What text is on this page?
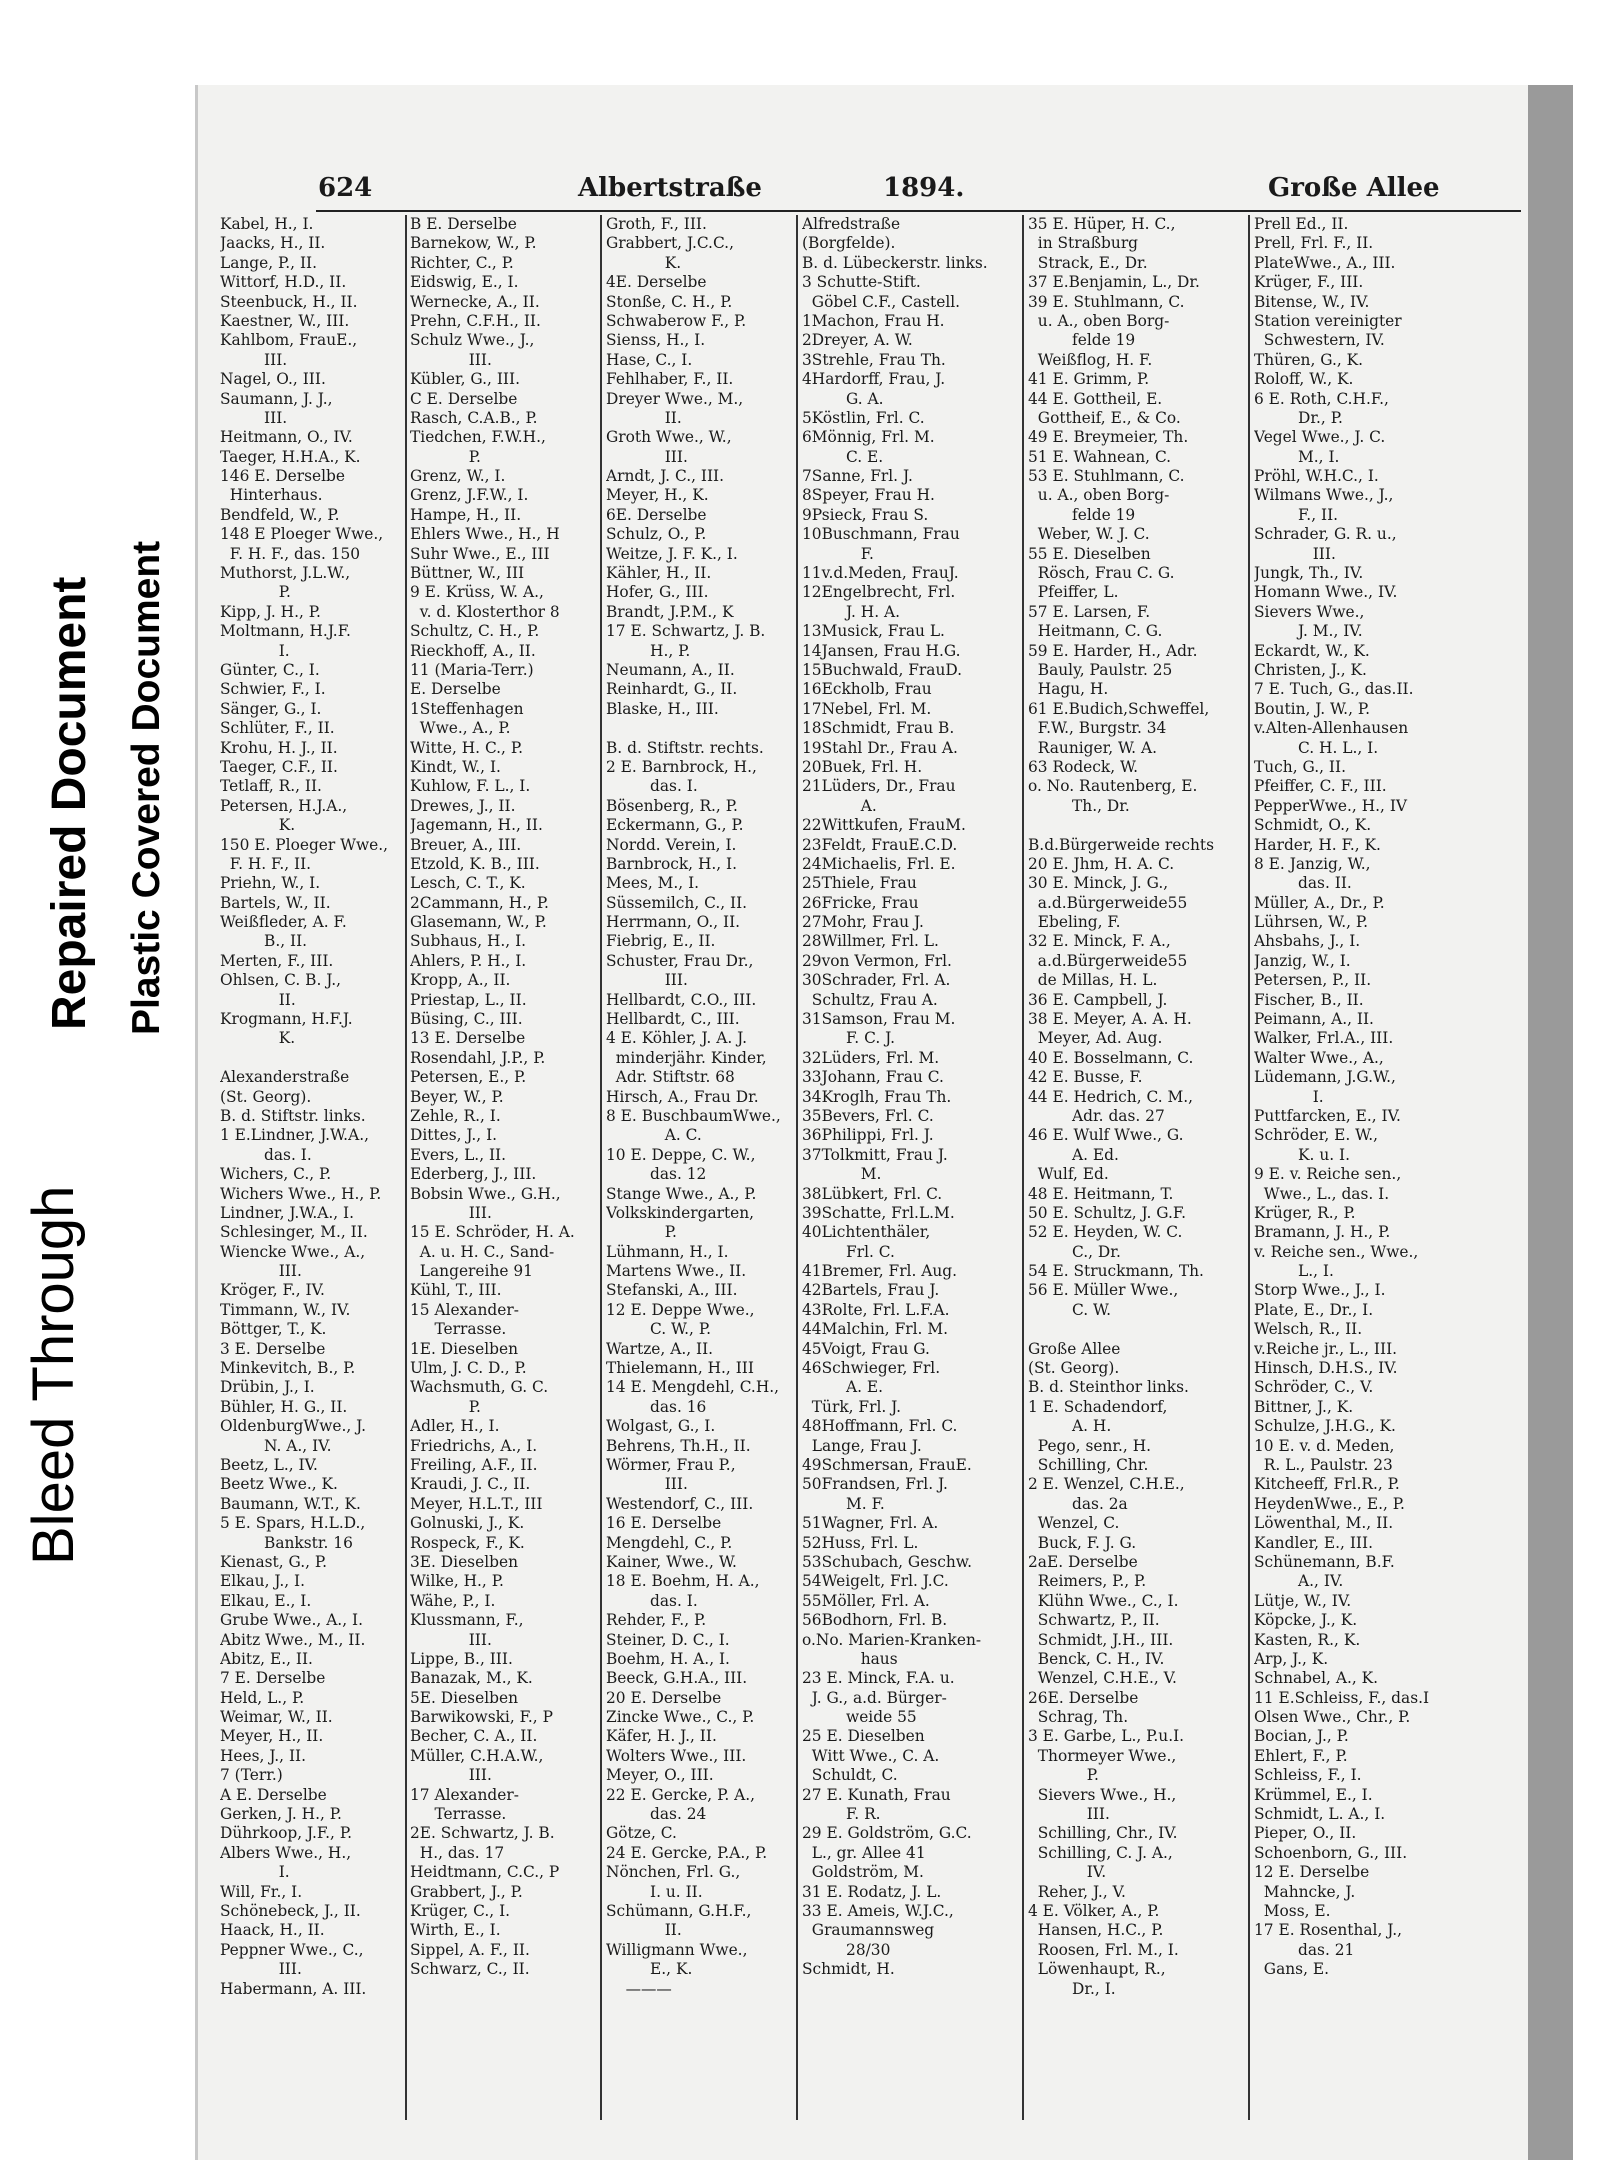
Bleed Through
Repaired Document Plastic Covered Document
624	Albertstraße	1894.	Große Allee
Kabel, H., I.
Jaacks, H., II.
Lange, P., II.
Wittorf, H.D., II.
Steenbuck, H., II.
Kaestner, W., III.
Kahlbom, FrauE.,
III.
Nagel, O., III.
Saumann, J. J.,
III.
Heitmann, O., IV.
Taeger, H.H.A., K.
146 E. Derselbe
Hinterhaus.
Bendfeld, W., P.
148 E Ploeger Wwe.,
F. H. F., das. 150
Muthorst, J.L.W.,
P.
Kipp, J. H., P.
Moltmann, H.J.F.
I.
Günter, C., I.
Schwier, F., I.
Sänger, G., I.
Schlüter, F., II.
Krohu, H. J., II.
Taeger, C.F., II.
Tetlaff, R., II.
Petersen, H.J.A.,
K.
150 E. Ploeger Wwe.,
F. H. F., II.
Priehn, W., I.
Bartels, W., II.
Weißfleder, A. F.
B., II.
Merten, F., III.
Ohlsen, C. B. J.,
II.
Krogmann, H.F.J.
K.
Alexanderstraße
(St. Georg).
B. d. Stiftstr. links.
1 E.Lindner, J.W.A.,
das. I.
Wichers, C., P.
Wichers Wwe., H., P.
Lindner, J.W.A., I.
Schlesinger, M., II.
Wiencke Wwe., A.,
III.
Kröger, F., IV.
Timmann, W., IV.
Böttger, T., K.
3 E. Derselbe
Minkevitch, B., P.
Drübin, J., I.
Bühler, H. G., II.
OldenburgWwe., J.
N. A., IV.
Beetz, L., IV.
Beetz Wwe., K.
Baumann, W.T., K.
5 E. Spars, H.L.D.,
Bankstr. 16
Kienast, G., P.
Elkau, J., I.
Elkau, E., I.
Grube Wwe., A., I.
Abitz Wwe., M., II.
Abitz, E., II.
7 E. Derselbe
Held, L., P.
Weimar, W., II.
Meyer, H., II.
Hees, J., II.
7 (Terr.)
A E. Derselbe
Gerken, J. H., P.
Dührkoop, J.F., P.
Albers Wwe., H.,
I.
Will, Fr., I.
Schönebeck, J., II.
Haack, H., II.
Peppner Wwe., C.,
III.
Habermann, A. III.
B E. Derselbe
Barnekow, W., P.
Richter, C., P.
Eidswig, E., I.
Wernecke, A., II.
Prehn, C.F.H., II.
Schulz Wwe., J.,
III.
Kübler, G., III.
C E. Derselbe
Rasch, C.A.B., P.
Tiedchen, F.W.H.,
P.
Grenz, W., I.
Grenz, J.F.W., I.
Hampe, H., II.
Ehlers Wwe., H., H
Suhr Wwe., E., III
Büttner, W., III
9 E. Krüss, W. A.,
v. d. Klosterthor 8
Schultz, C. H., P.
Rieckhoff, A., II.
11 (Maria-Terr.)
E. Derselbe
1Steffenhagen
Wwe., A., P.
Witte, H. C., P.
Kindt, W., I.
Kuhlow, F. L., I.
Drewes, J., II.
Jagemann, H., II.
Breuer, A., III.
Etzold, K. B., III.
Lesch, C. T., K.
2Cammann, H., P.
Glasemann, W., P.
Subhaus, H., I.
Ahlers, P. H., I.
Kropp, A., II.
Priestap, L., II.
Büsing, C., III.
13 E. Derselbe
Rosendahl, J.P., P.
Petersen, E., P.
Beyer, W., P.
Zehle, R., I.
Dittes, J., I.
Evers, L., II.
Ederberg, J., III.
Bobsin Wwe., G.H.,
III.
15 E. Schröder, H. A.
A. u. H. C., Sand-
Langereihe 91
Kühl, T., III.
15 Alexander-
Terrasse.
1E. Dieselben
Ulm, J. C. D., P.
Wachsmuth, G. C.
P.
Adler, H., I.
Friedrichs, A., I.
Freiling, A.F., II.
Kraudi, J. C., II.
Meyer, H.L.T., III
Golnuski, J., K.
Rospeck, F., K.
3E. Dieselben
Wilke, H., P.
Wähe, P., I.
Klussmann, F.,
III.
Lippe, B., III.
Banazak, M., K.
5E. Dieselben
Barwikowski, F., P
Becher, C. A., II.
Müller, C.H.A.W.,
III.
17 Alexander-
Terrasse.
2E. Schwartz, J. B.
H., das. 17
Heidtmann, C.C., P
Grabbert, J., P.
Krüger, C., I.
Wirth, E., I.
Sippel, A. F., II.
Schwarz, C., II.
Groth, F., III.
Grabbert, J.C.C.,
K.
4E. Derselbe
Stonße, C. H., P.
Schwaberow F., P.
Sienss, H., I.
Hase, C., I.
Fehlhaber, F., II.
Dreyer Wwe., M.,
II.
Groth Wwe., W.,
III.
Arndt, J. C., III.
Meyer, H., K.
6E. Derselbe
Schulz, O., P.
Weitze, J. F. K., I.
Kähler, H., II.
Hofer, G., III.
Brandt, J.P.M., K
17 E. Schwartz, J. B.
H., P.
Neumann, A., II.
Reinhardt, G., II.
Blaske, H., III.
B. d. Stiftstr. rechts.
2 E. Barnbrock, H.,
das. I.
Bösenberg, R., P.
Eckermann, G., P.
Nordd. Verein, I.
Barnbrock, H., I.
Mees, M., I.
Süssemilch, C., II.
Herrmann, O., II.
Fiebrig, E., II.
Schuster, Frau Dr.,
III.
Hellbardt, C.O., III.
Hellbardt, C., III.
4 E. Köhler, J. A. J.
minderjähr. Kinder,
Adr. Stiftstr. 68
Hirsch, A., Frau Dr.
8 E. BuschbaumWwe.,
A. C.
10 E. Deppe, C. W.,
das. 12
Stange Wwe., A., P.
Volkskindergarten,
P.
Lühmann, H., I.
Martens Wwe., II.
Stefanski, A., III.
12 E. Deppe Wwe.,
C. W., P.
Wartze, A., II.
Thielemann, H., III
14 E. Mengdehl, C.H.,
das. 16
Wolgast, G., I.
Behrens, Th.H., II.
Wörmer, Frau P.,
III.
Westendorf, C., III.
16 E. Derselbe
Mengdehl, C., P.
Kainer, Wwe., W.
18 E. Boehm, H. A.,
das. I.
Rehder, F., P.
Steiner, D. C., I.
Boehm, H. A., I.
Beeck, G.H.A., III.
20 E. Derselbe
Zincke Wwe., C., P.
Käfer, H. J., II.
Wolters Wwe., III.
Meyer, O., III.
22 E. Gercke, P. A.,
das. 24
Götze, C.
24 E. Gercke, P.A., P.
Nönchen, Frl. G.,
I. u. II.
Schümann, G.H.F.,
II.
Willigmann Wwe.,
E., K.
———
Alfredstraße
(Borgfelde).
B. d. Lübeckerstr. links.
3 Schutte-Stift.
Göbel C.F., Castell.
1Machon, Frau H.
2Dreyer, A. W.
3Strehle, Frau Th.
4Hardorff, Frau, J.
G. A.
5Köstlin, Frl. C.
6Mönnig, Frl. M.
C. E.
7Sanne, Frl. J.
8Speyer, Frau H.
9Psieck, Frau S.
10Buschmann, Frau
F.
11v.d.Meden, FrauJ.
12Engelbrecht, Frl.
J. H. A.
13Musick, Frau L.
14Jansen, Frau H.G.
15Buchwald, FrauD.
16Eckholb, Frau
17Nebel, Frl. M.
18Schmidt, Frau B.
19Stahl Dr., Frau A.
20Buek, Frl. H.
21Lüders, Dr., Frau
A.
22Wittkufen, FrauM.
23Feldt, FrauE.C.D.
24Michaelis, Frl. E.
25Thiele, Frau
26Fricke, Frau
27Mohr, Frau J.
28Willmer, Frl. L.
29von Vermon, Frl.
30Schrader, Frl. A.
Schultz, Frau A.
31Samson, Frau M.
F. C. J.
32Lüders, Frl. M.
33Johann, Frau C.
34Kroglh, Frau Th.
35Bevers, Frl. C.
36Philippi, Frl. J.
37Tolkmitt, Frau J.
M.
38Lübkert, Frl. C.
39Schatte, Frl.L.M.
40Lichtenthäler,
Frl. C.
41Bremer, Frl. Aug.
42Bartels, Frau J.
43Rolte, Frl. L.F.A.
44Malchin, Frl. M.
45Voigt, Frau G.
46Schwieger, Frl.
A. E.
Türk, Frl. J.
48Hoffmann, Frl. C.
Lange, Frau J.
49Schmersan, FrauE.
50Frandsen, Frl. J.
M. F.
51Wagner, Frl. A.
52Huss, Frl. L.
53Schubach, Geschw.
54Weigelt, Frl. J.C.
55Möller, Frl. A.
56Bodhorn, Frl. B.
o.No. Marien-Kranken-
haus
23 E. Minck, F.A. u.
J. G., a.d. Bürger-
weide 55
25 E. Dieselben
Witt Wwe., C. A.
Schuldt, C.
27 E. Kunath, Frau
F. R.
29 E. Goldström, G.C.
L., gr. Allee 41
Goldström, M.
31 E. Rodatz, J. L.
33 E. Ameis, W.J.C.,
Graumannsweg
28/30
Schmidt, H.
35 E. Hüper, H. C.,
in Straßburg
Strack, E., Dr.
37 E.Benjamin, L., Dr.
39 E. Stuhlmann, C.
u. A., oben Borg-
felde 19
Weißflog, H. F.
41 E. Grimm, P.
44 E. Gottheil, E.
Gottheif, E., & Co.
49 E. Breymeier, Th.
51 E. Wahnean, C.
53 E. Stuhlmann, C.
u. A., oben Borg-
felde 19
Weber, W. J. C.
55 E. Dieselben
Rösch, Frau C. G.
Pfeiffer, L.
57 E. Larsen, F.
Heitmann, C. G.
59 E. Harder, H., Adr.
Bauly, Paulstr. 25
Hagu, H.
61 E.Budich,Schweffel,
F.W., Burgstr. 34
Rauniger, W. A.
63 Rodeck, W.
o. No. Rautenberg, E.
Th., Dr.
B.d.Bürgerweide rechts
20 E. Jhm, H. A. C.
30 E. Minck, J. G.,
a.d.Bürgerweide55
Ebeling, F.
32 E. Minck, F. A.,
a.d.Bürgerweide55
de Millas, H. L.
36 E. Campbell, J.
38 E. Meyer, A. A. H.
Meyer, Ad. Aug.
40 E. Bosselmann, C.
42 E. Busse, F.
44 E. Hedrich, C. M.,
Adr. das. 27
46 E. Wulf Wwe., G.
A. Ed.
Wulf, Ed.
48 E. Heitmann, T.
50 E. Schultz, J. G.F.
52 E. Heyden, W. C.
C., Dr.
54 E. Struckmann, Th.
56 E. Müller Wwe.,
C. W.
Große Allee
(St. Georg).
B. d. Steinthor links.
1 E. Schadendorf,
A. H.
Pego, senr., H.
Schilling, Chr.
2 E. Wenzel, C.H.E.,
das. 2a
Wenzel, C.
Buck, F. J. G.
2aE. Derselbe
Reimers, P., P.
Klühn Wwe., C., I.
Schwartz, P., II.
Schmidt, J.H., III.
Benck, C. H., IV.
Wenzel, C.H.E., V.
26E. Derselbe
Schrag, Th.
3 E. Garbe, L., P.u.I.
Thormeyer Wwe.,
P.
Sievers Wwe., H.,
III.
Schilling, Chr., IV.
Schilling, C. J. A.,
IV.
Reher, J., V.
4 E. Völker, A., P.
Hansen, H.C., P.
Roosen, Frl. M., I.
Löwenhaupt, R.,
Dr., I.
Prell Ed., II.
Prell, Frl. F., II.
PlateWwe., A., III.
Krüger, F., III.
Bitense, W., IV.
Station vereinigter
Schwestern, IV.
Thüren, G., K.
Roloff, W., K.
6 E. Roth, C.H.F.,
Dr., P.
Vegel Wwe., J. C.
M., I.
Pröhl, W.H.C., I.
Wilmans Wwe., J.,
F., II.
Schrader, G. R. u.,
III.
Jungk, Th., IV.
Homann Wwe., IV.
Sievers Wwe.,
J. M., IV.
Eckardt, W., K.
Christen, J., K.
7 E. Tuch, G., das.II.
Boutin, J. W., P.
v.Alten-Allenhausen
C. H. L., I.
Tuch, G., II.
Pfeiffer, C. F., III.
PepperWwe., H., IV
Schmidt, O., K.
Harder, H. F., K.
8 E. Janzig, W.,
das. II.
Müller, A., Dr., P.
Lührsen, W., P.
Ahsbahs, J., I.
Janzig, W., I.
Petersen, P., II.
Fischer, B., II.
Peimann, A., II.
Walker, Frl.A., III.
Walter Wwe., A.,
Lüdemann, J.G.W.,
I.
Puttfarcken, E., IV.
Schröder, E. W.,
K. u. I.
9 E. v. Reiche sen.,
Wwe., L., das. I.
Krüger, R., P.
Bramann, J. H., P.
v. Reiche sen., Wwe.,
L., I.
Storp Wwe., J., I.
Plate, E., Dr., I.
Welsch, R., II.
v.Reiche jr., L., III.
Hinsch, D.H.S., IV.
Schröder, C., V.
Bittner, J., K.
Schulze, J.H.G., K.
10 E. v. d. Meden,
R. L., Paulstr. 23
Kitcheeff, Frl.R., P.
HeydenWwe., E., P.
Löwenthal, M., II.
Kandler, E., III.
Schünemann, B.F.
A., IV.
Lütje, W., IV.
Köpcke, J., K.
Kasten, R., K.
Arp, J., K.
Schnabel, A., K.
11 E.Schleiss, F., das.I
Olsen Wwe., Chr., P.
Bocian, J., P.
Ehlert, F., P.
Schleiss, F., I.
Krümmel, E., I.
Schmidt, L. A., I.
Pieper, O., II.
Schoenborn, G., III.
12 E. Derselbe
Mahncke, J.
Moss, E.
17 E. Rosenthal, J.,
das. 21
Gans, E.
